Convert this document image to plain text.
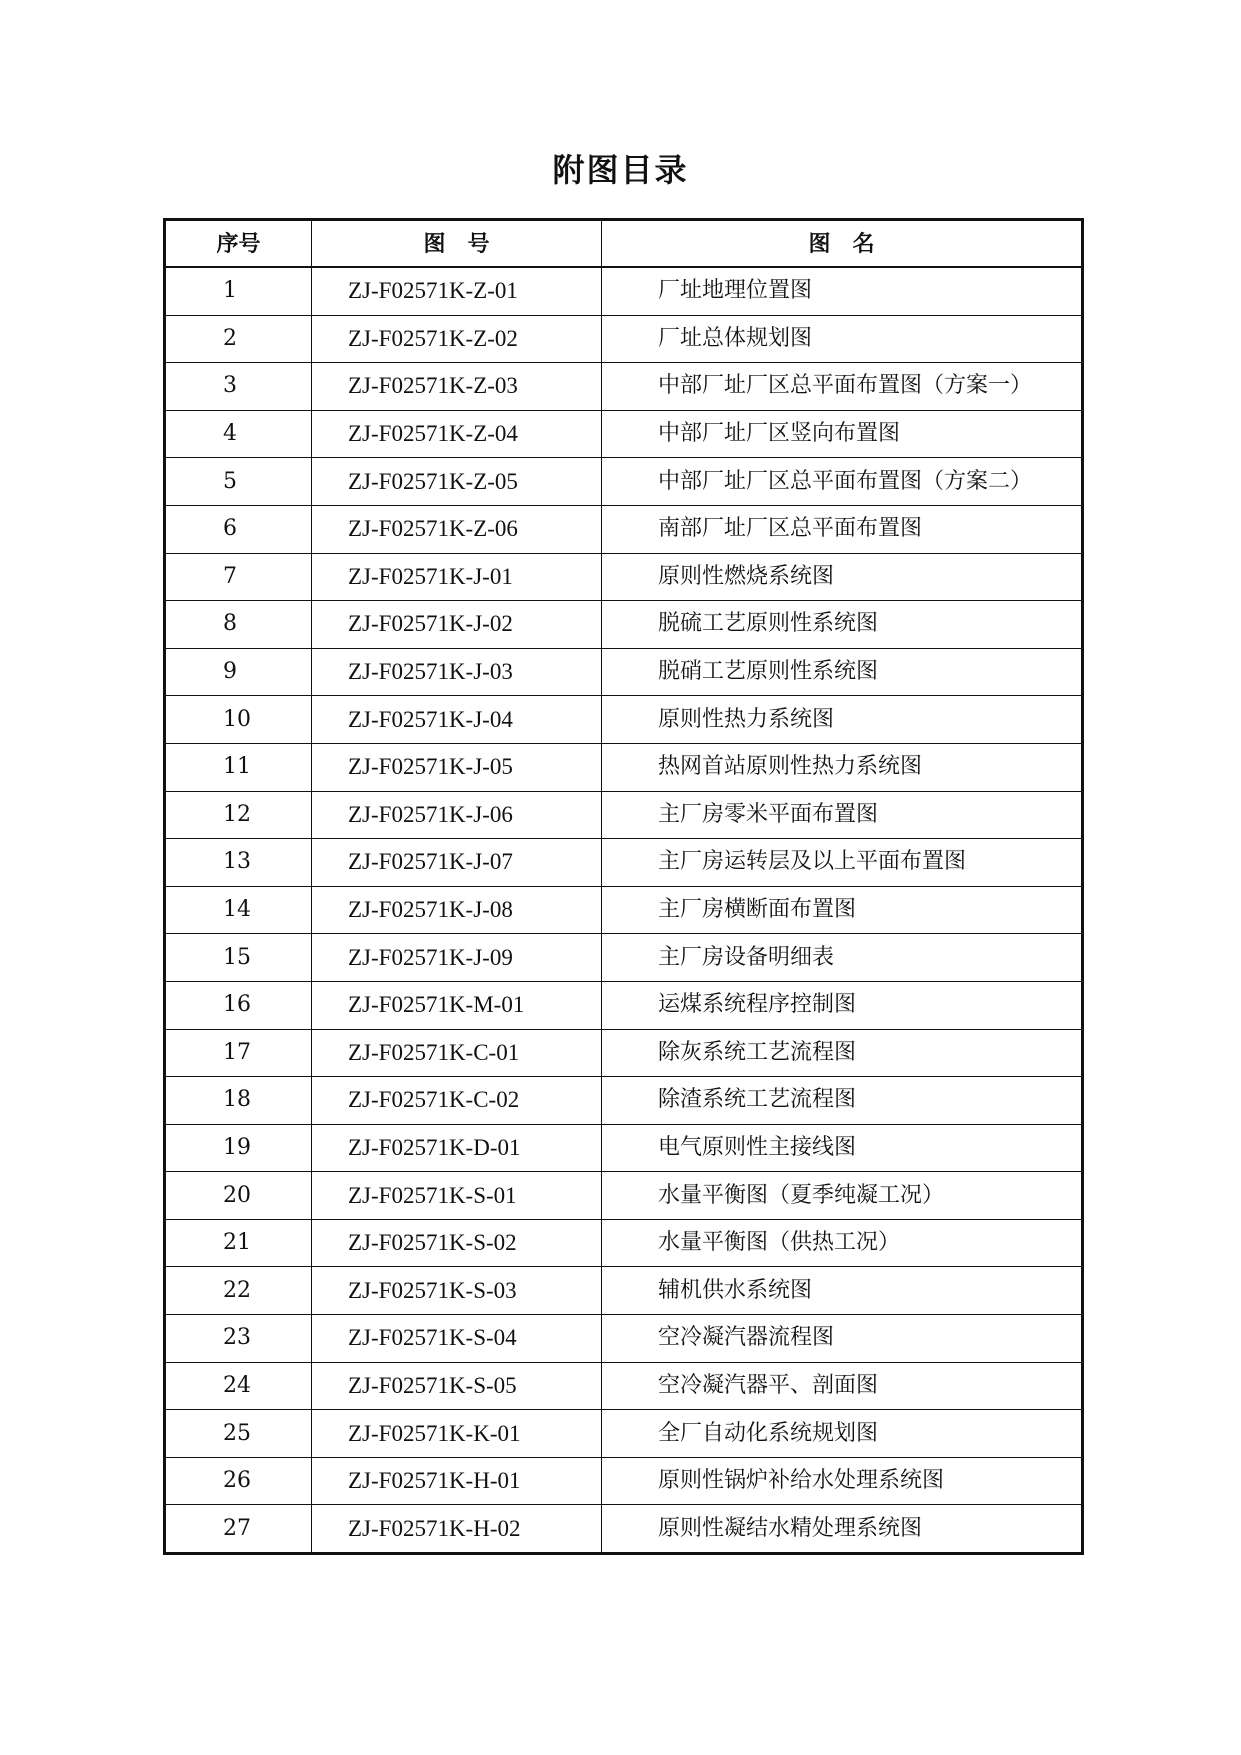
附图目录
序号	图　号	图　名
1	ZJ-F02571K-Z-01	厂址地理位置图
2	ZJ-F02571K-Z-02	厂址总体规划图
3	ZJ-F02571K-Z-03	中部厂址厂区总平面布置图（方案一）
4	ZJ-F02571K-Z-04	中部厂址厂区竖向布置图
5	ZJ-F02571K-Z-05	中部厂址厂区总平面布置图（方案二）
6	ZJ-F02571K-Z-06	南部厂址厂区总平面布置图
7	ZJ-F02571K-J-01	原则性燃烧系统图
8	ZJ-F02571K-J-02	脱硫工艺原则性系统图
9	ZJ-F02571K-J-03	脱硝工艺原则性系统图
10	ZJ-F02571K-J-04	原则性热力系统图
11	ZJ-F02571K-J-05	热网首站原则性热力系统图
12	ZJ-F02571K-J-06	主厂房零米平面布置图
13	ZJ-F02571K-J-07	主厂房运转层及以上平面布置图
14	ZJ-F02571K-J-08	主厂房横断面布置图
15	ZJ-F02571K-J-09	主厂房设备明细表
16	ZJ-F02571K-M-01	运煤系统程序控制图
17	ZJ-F02571K-C-01	除灰系统工艺流程图
18	ZJ-F02571K-C-02	除渣系统工艺流程图
19	ZJ-F02571K-D-01	电气原则性主接线图
20	ZJ-F02571K-S-01	水量平衡图（夏季纯凝工况）
21	ZJ-F02571K-S-02	水量平衡图（供热工况）
22	ZJ-F02571K-S-03	辅机供水系统图
23	ZJ-F02571K-S-04	空冷凝汽器流程图
24	ZJ-F02571K-S-05	空冷凝汽器平、剖面图
25	ZJ-F02571K-K-01	全厂自动化系统规划图
26	ZJ-F02571K-H-01	原则性锅炉补给水处理系统图
27	ZJ-F02571K-H-02	原则性凝结水精处理系统图
